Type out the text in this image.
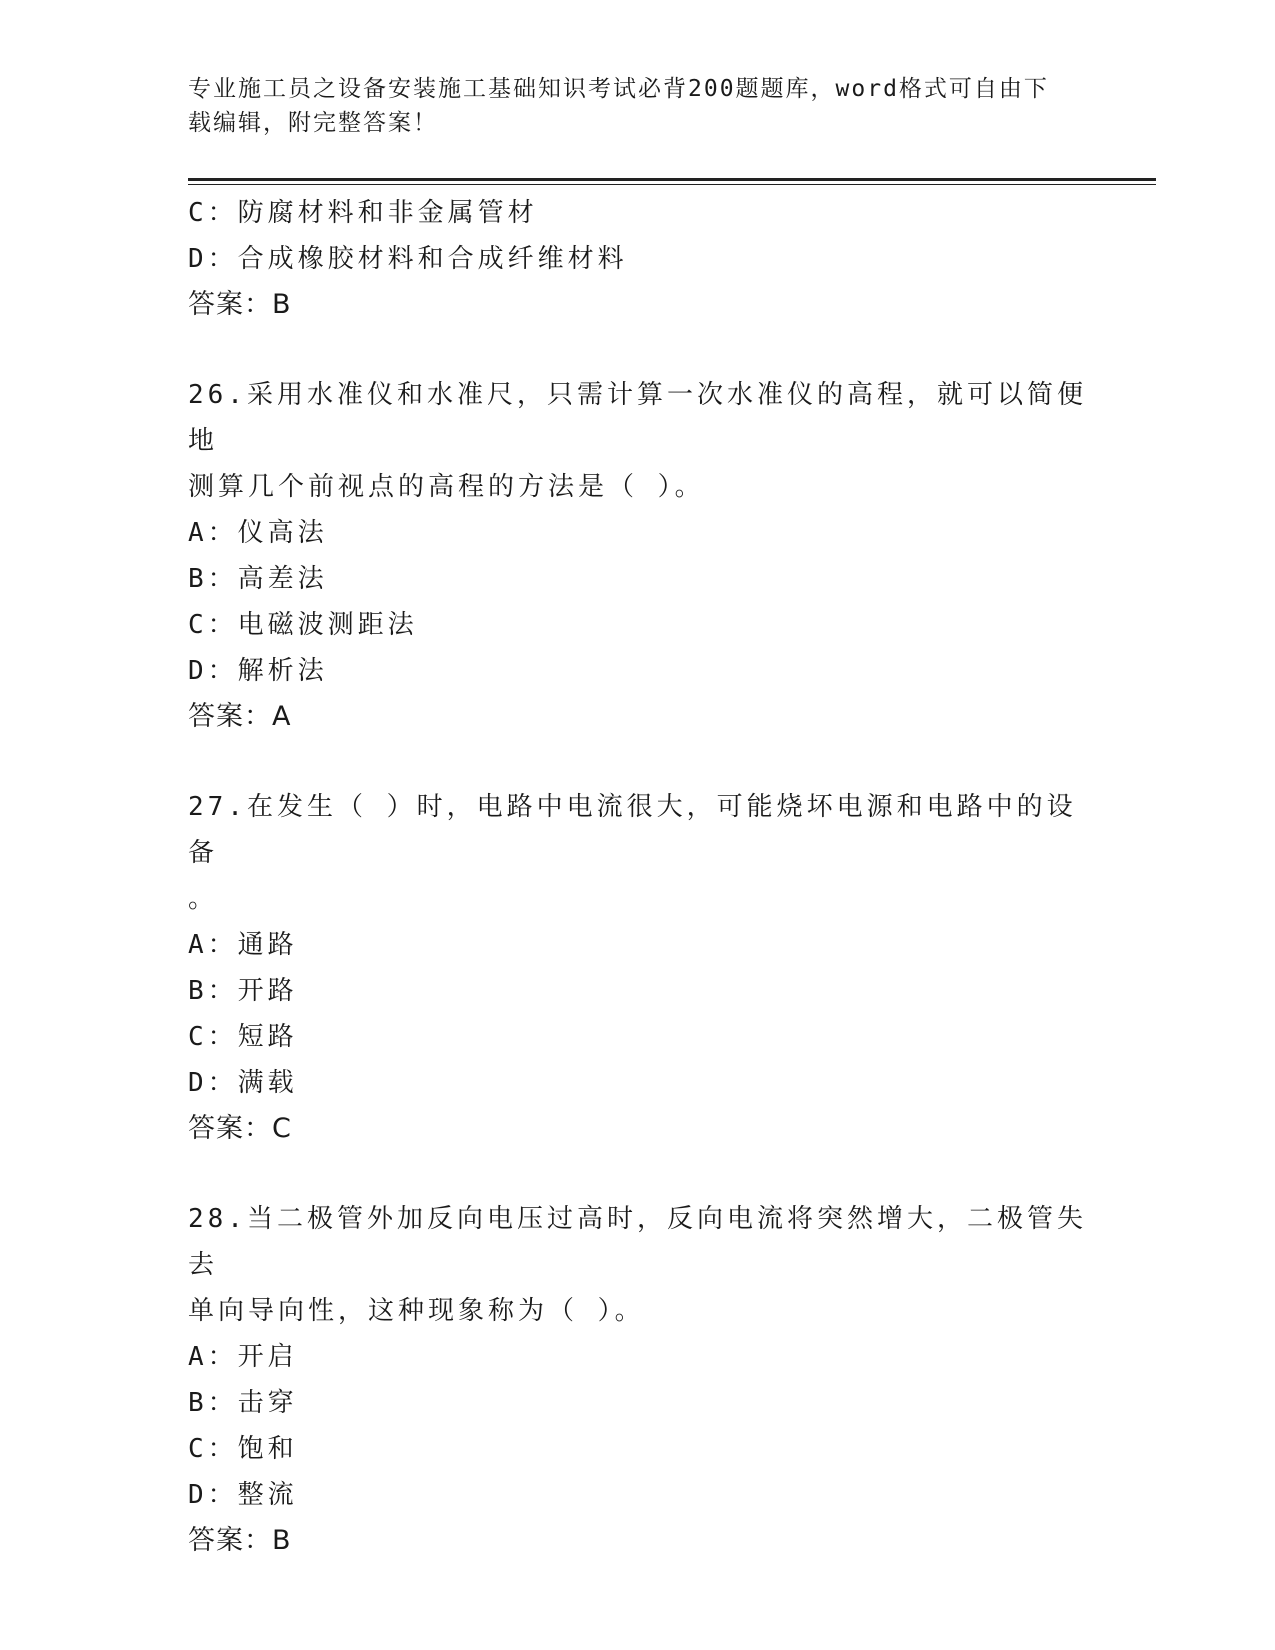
专业施工员之设备安装施工基础知识考试必背200题题库，word格式可自由下载编辑，附完整答案！
C：防腐材料和非金属管材
D：合成橡胶材料和合成纤维材料
答案：B
26.采用水准仪和水准尺，只需计算一次水准仪的高程，就可以简便地
测算几个前视点的高程的方法是（ ）。
A：仪高法
B：高差法
C：电磁波测距法
D：解析法
答案：A
27.在发生（ ）时，电路中电流很大，可能烧坏电源和电路中的设备
。
A：通路
B：开路
C：短路
D：满载
答案：C
28.当二极管外加反向电压过高时，反向电流将突然增大，二极管失去
单向导向性，这种现象称为（ ）。
A：开启
B：击穿
C：饱和
D：整流
答案：B
